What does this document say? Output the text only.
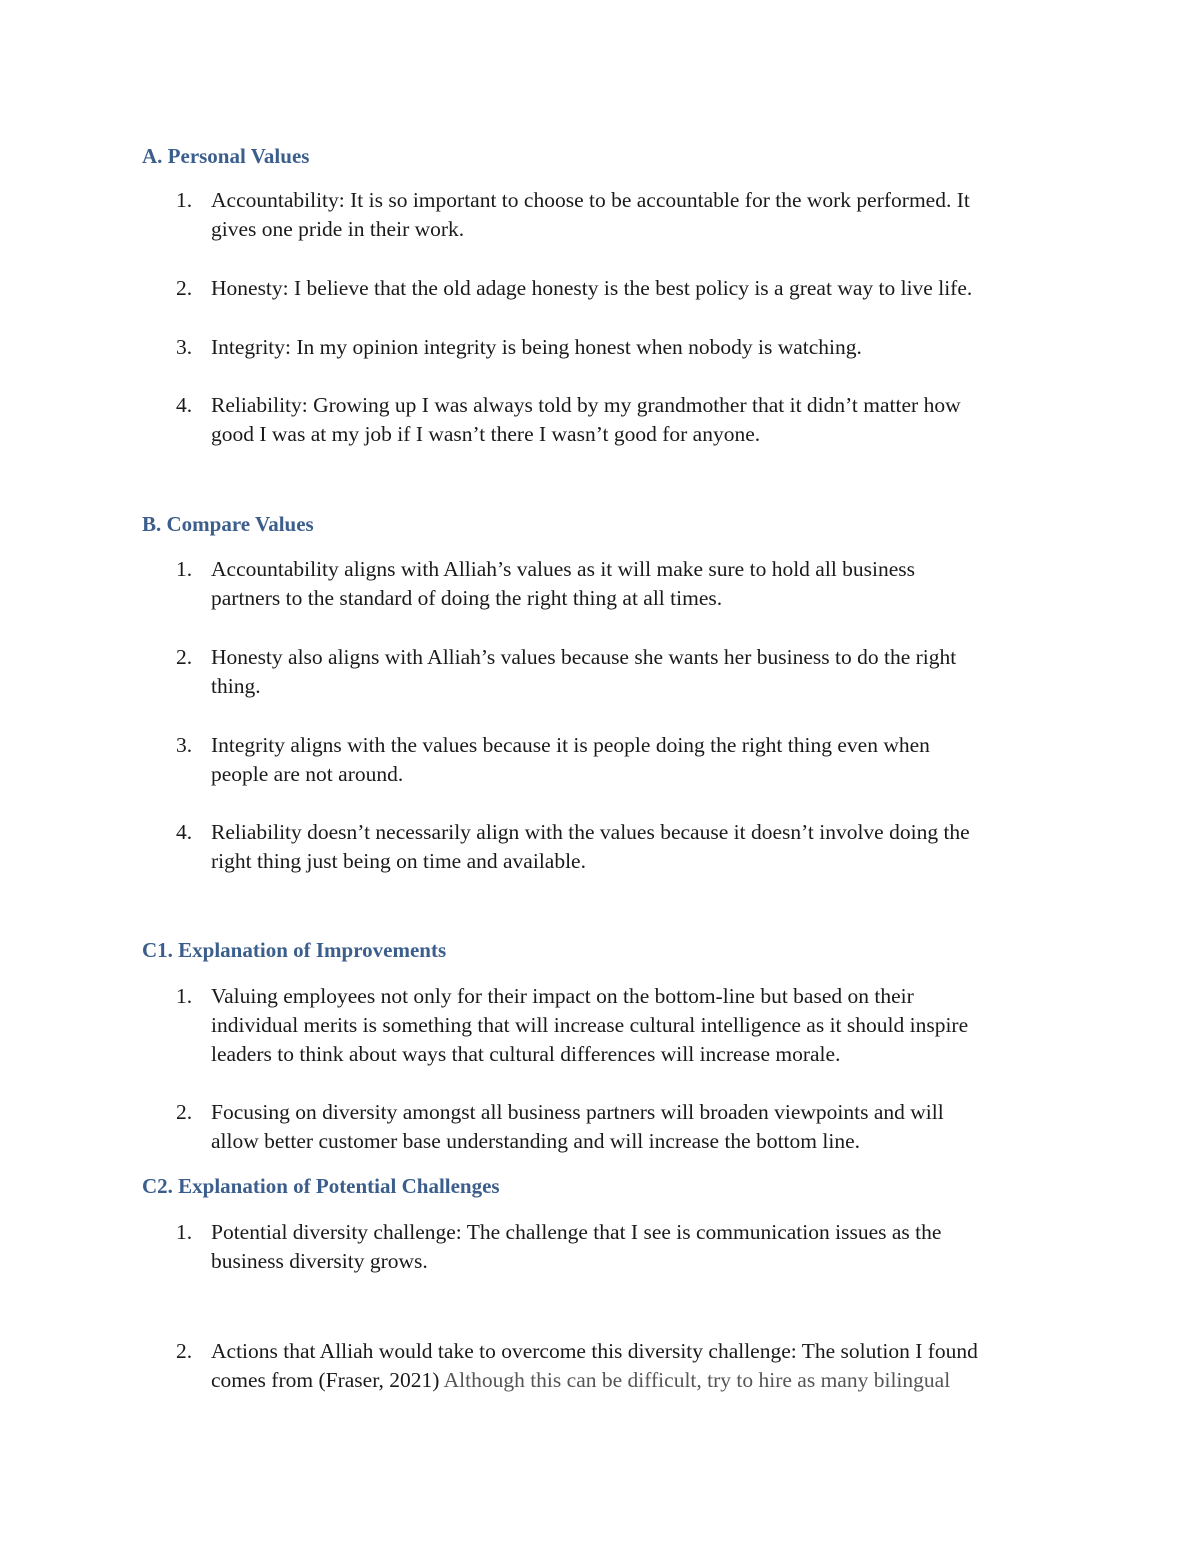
A. Personal Values
1. Accountability: It is so important to choose to be accountable for the work performed. It
gives one pride in their work.
2. Honesty: I believe that the old adage honesty is the best policy is a great way to live life.
3. Integrity: In my opinion integrity is being honest when nobody is watching.
4. Reliability: Growing up I was always told by my grandmother that it didn’t matter how
good I was at my job if I wasn’t there I wasn’t good for anyone.
B. Compare Values
1. Accountability aligns with Alliah’s values as it will make sure to hold all business
partners to the standard of doing the right thing at all times.
2. Honesty also aligns with Alliah’s values because she wants her business to do the right
thing.
3. Integrity aligns with the values because it is people doing the right thing even when
people are not around.
4. Reliability doesn’t necessarily align with the values because it doesn’t involve doing the
right thing just being on time and available.
C1. Explanation of Improvements
1. Valuing employees not only for their impact on the bottom-line but based on their
individual merits is something that will increase cultural intelligence as it should inspire
leaders to think about ways that cultural differences will increase morale.
2. Focusing on diversity amongst all business partners will broaden viewpoints and will
allow better customer base understanding and will increase the bottom line.
C2. Explanation of Potential Challenges
1. Potential diversity challenge: The challenge that I see is communication issues as the
business diversity grows.
2. Actions that Alliah would take to overcome this diversity challenge: The solution I found
comes from (Fraser, 2021) Although this can be difficult, try to hire as many bilingual
